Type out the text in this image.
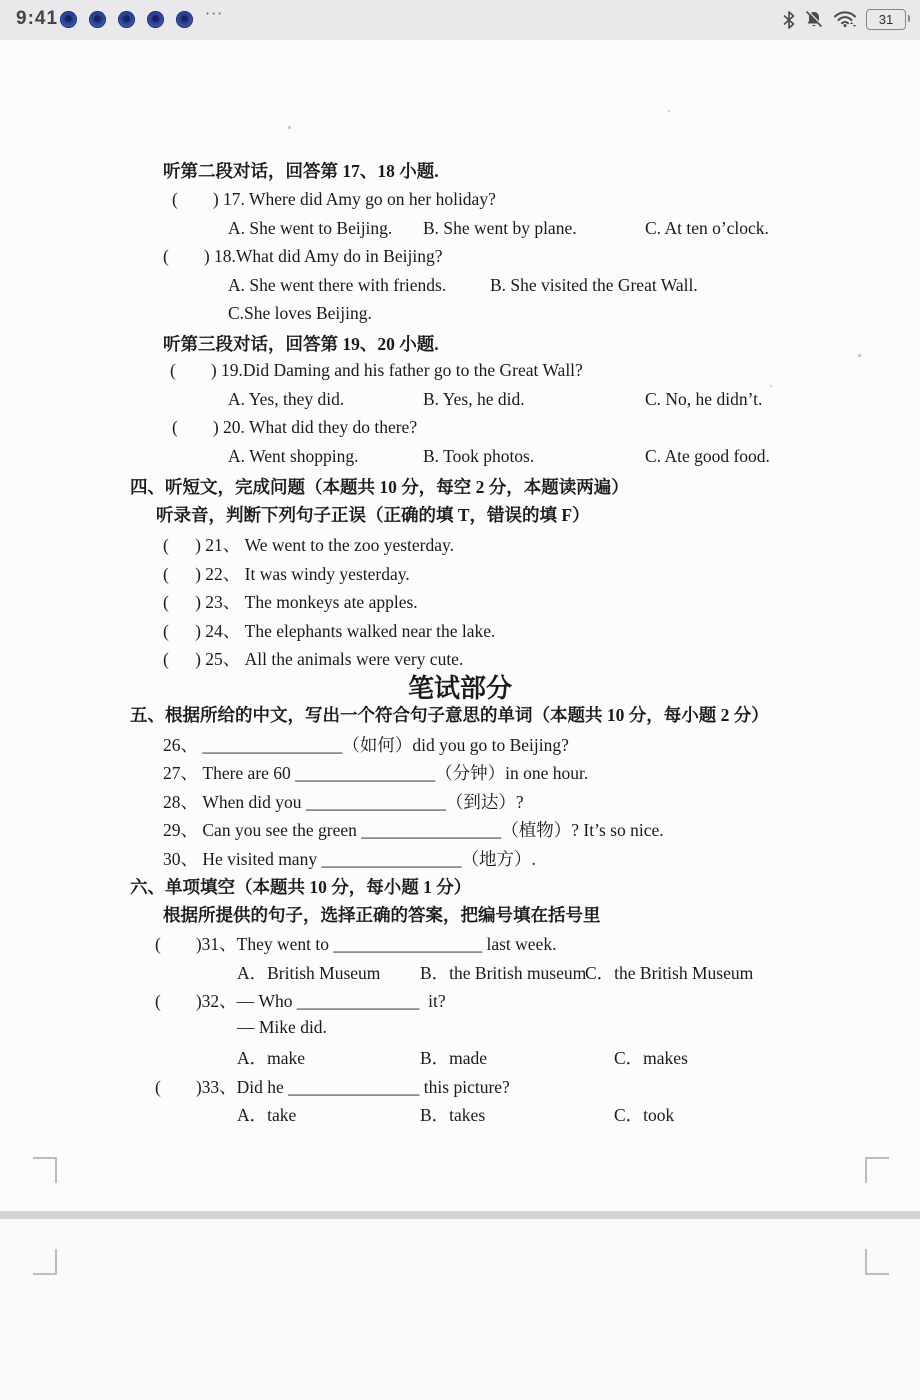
9:41	···	31
听第二段对话，回答第 17、18 小题.
(        ) 17. Where did Amy go on her holiday?
A. She went to Beijing. B. She went by plane.	C. At ten o’clock.
(        ) 18.What did Amy do in Beijing?
A. She went there with friends.	B. She visited the Great Wall.
C.She loves Beijing.
听第三段对话，回答第 19、20 小题.
(        ) 19.Did Daming and his father go to the Great Wall?
A. Yes, they did.	B. Yes, he did.	C. No, he didn’t.
(        ) 20. What did they do there?
A. Went shopping.	B. Took photos.	C. Ate good food.
四、听短文，完成问题（本题共 10 分，每空 2 分，本题读两遍）
听录音，判断下列句子正误（正确的填 T，错误的填 F）
(      ) 21、 We went to the zoo yesterday.
(      ) 22、 It was windy yesterday.
(      ) 23、 The monkeys ate apples.
(      ) 24、 The elephants walked near the lake.
(      ) 25、 All the animals were very cute.
笔试部分
五、根据所给的中文，写出一个符合句子意思的单词（本题共 10 分，每小题 2 分）
26、 ________________（如何）did you go to Beijing?
27、 There are 60 ________________（分钟）in one hour.
28、 When did you ________________（到达）?
29、 Can you see the green ________________（植物）? It’s so nice.
30、 He visited many ________________（地方）.
六、单项填空（本题共 10 分，每小题 1 分）
根据所提供的句子，选择正确的答案，把编号填在括号里
(        )31、They went to _________________ last week.
A．British Museum B．the British museum
C．the British Museum
(        )32、— Who ______________  it?
— Mike did.
A．make	B．made	C．makes
(        )33、Did he _______________ this picture?
A．take	B．takes	C．took
